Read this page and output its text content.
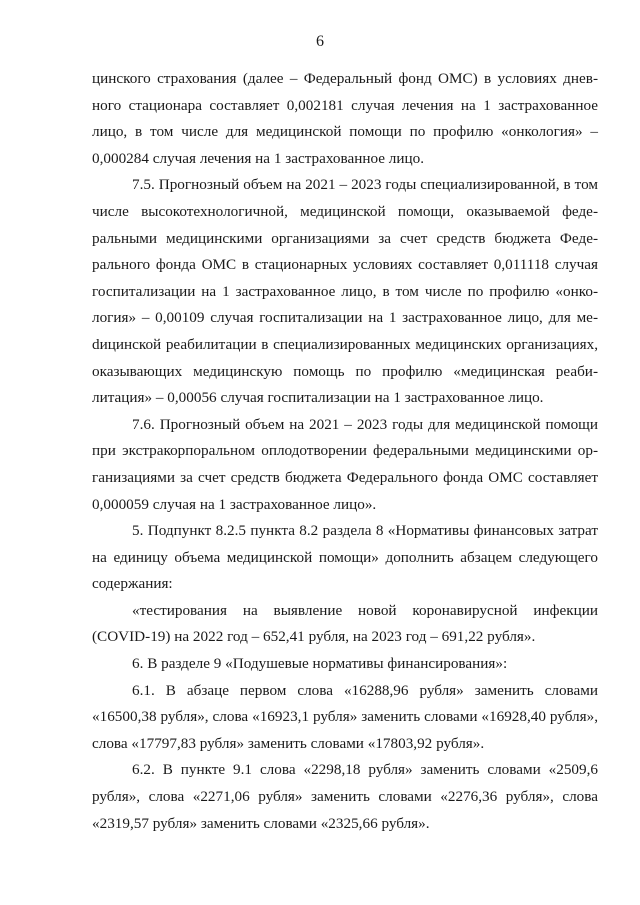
6

цинского страхования (далее – Федеральный фонд ОМС) в условиях дневного стационара составляет 0,002181 случая лечения на 1 застрахованное лицо, в том числе для медицинской помощи по профилю «онкология» – 0,000284 случая лечения на 1 застрахованное лицо.

7.5. Прогнозный объем на 2021 – 2023 годы специализированной, в том числе высокотехнологичной, медицинской помощи, оказываемой федеральными медицинскими организациями за счет средств бюджета Федерального фонда ОМС в стационарных условиях составляет 0,011118 случая госпитализации на 1 застрахованное лицо, в том числе по профилю «онкология» – 0,00109 случая госпитализации на 1 застрахованное лицо, для меdицинской реабилитации в специализированных медицинских организациях, оказывающих медицинскую помощь по профилю «медицинская реабилитация» – 0,00056 случая госпитализации на 1 застрахованное лицо.

7.6. Прогнозный объем на 2021 – 2023 годы для медицинской помощи при экстракорпоральном оплодотворении федеральными медицинскими организациями за счет средств бюджета Федерального фонда ОМС составляет 0,000059 случая на 1 застрахованное лицо».

5. Подпункт 8.2.5 пункта 8.2 раздела 8 «Нормативы финансовых затрат на единицу объема медицинской помощи» дополнить абзацем следующего содержания:

«тестирования на выявление новой коронавирусной инфекции (COVID-19) на 2022 год – 652,41 рубля, на 2023 год – 691,22 рубля».

6. В разделе 9 «Подушевые нормативы финансирования»:

6.1. В абзаце первом слова «16288,96 рубля» заменить словами «16500,38 рубля», слова «16923,1 рубля» заменить словами «16928,40 рубля», слова «17797,83 рубля» заменить словами «17803,92 рубля».

6.2. В пункте 9.1 слова «2298,18 рубля» заменить словами «2509,6 рубля», слова «2271,06 рубля» заменить словами «2276,36 рубля», слова «2319,57 рубля» заменить словами «2325,66 рубля».
